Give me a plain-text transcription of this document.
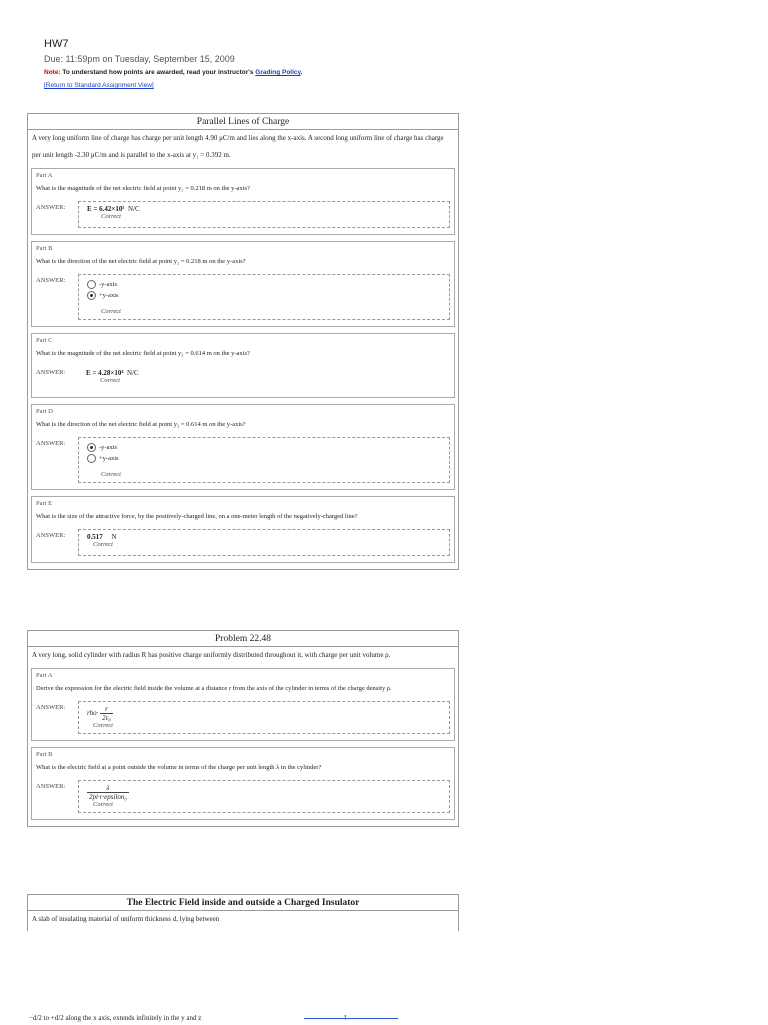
HW7
Due: 11:59pm on Tuesday, September 15, 2009
Note: To understand how points are awarded, read your instructor's Grading Policy.
[Return to Standard Assignment View]
Parallel Lines of Charge
A very long uniform line of charge has charge per unit length 4.90 μC/m and lies along the x-axis. A second long uniform line of charge has charge per unit length -2.30 μC/m and is parallel to the x-axis at y₁ = 0.392 m.
Part A
What is the magnitude of the net electric field at point y₂ = 0.218 m on the y-axis?
ANSWER:	E = 6.42×10⁵ N/C
Correct
Part B
What is the direction of the net electric field at point y₂ = 0.218 m on the y-axis?
ANSWER:
-y-axis
+y-axis
Correct
Part C
What is the magnitude of the net electric field at point y₃ = 0.614 m on the y-axis?
ANSWER:	E = 4.28×10⁴ N/C
Correct
Part D
What is the direction of the net electric field at point y₃ = 0.614 m on the y-axis?
ANSWER:
-y-axis
+y-axis
Correct
Part E
What is the size of the attractive force, by the positively-charged line, on a one-meter length of the negatively-charged line?
ANSWER:	0.517 N
Correct
Problem 22.48
A very long, solid cylinder with radius R has positive charge uniformly distributed throughout it, with charge per unit volume ρ.
Part A
Derive the expression for the electric field inside the volume at a distance r from the axis of the cylinder in terms of the charge density ρ.
ANSWER:
$rho\cdot \frac{r}{\text{2ε₀}}$
Correct
Part B
What is the electric field at a point outside the volume in terms of the charge per unit length λ in the cylinder?
ANSWER:	$\frac{\lambda}{\text{2pi·r·epsilon₀}}$
Correct
The Electric Field inside and outside a Charged Insulator
A slab of insulating material of uniform thickness d, lying between
−d/2 to +d/2 along the x axis, extends infinitely in the y and z	↑
